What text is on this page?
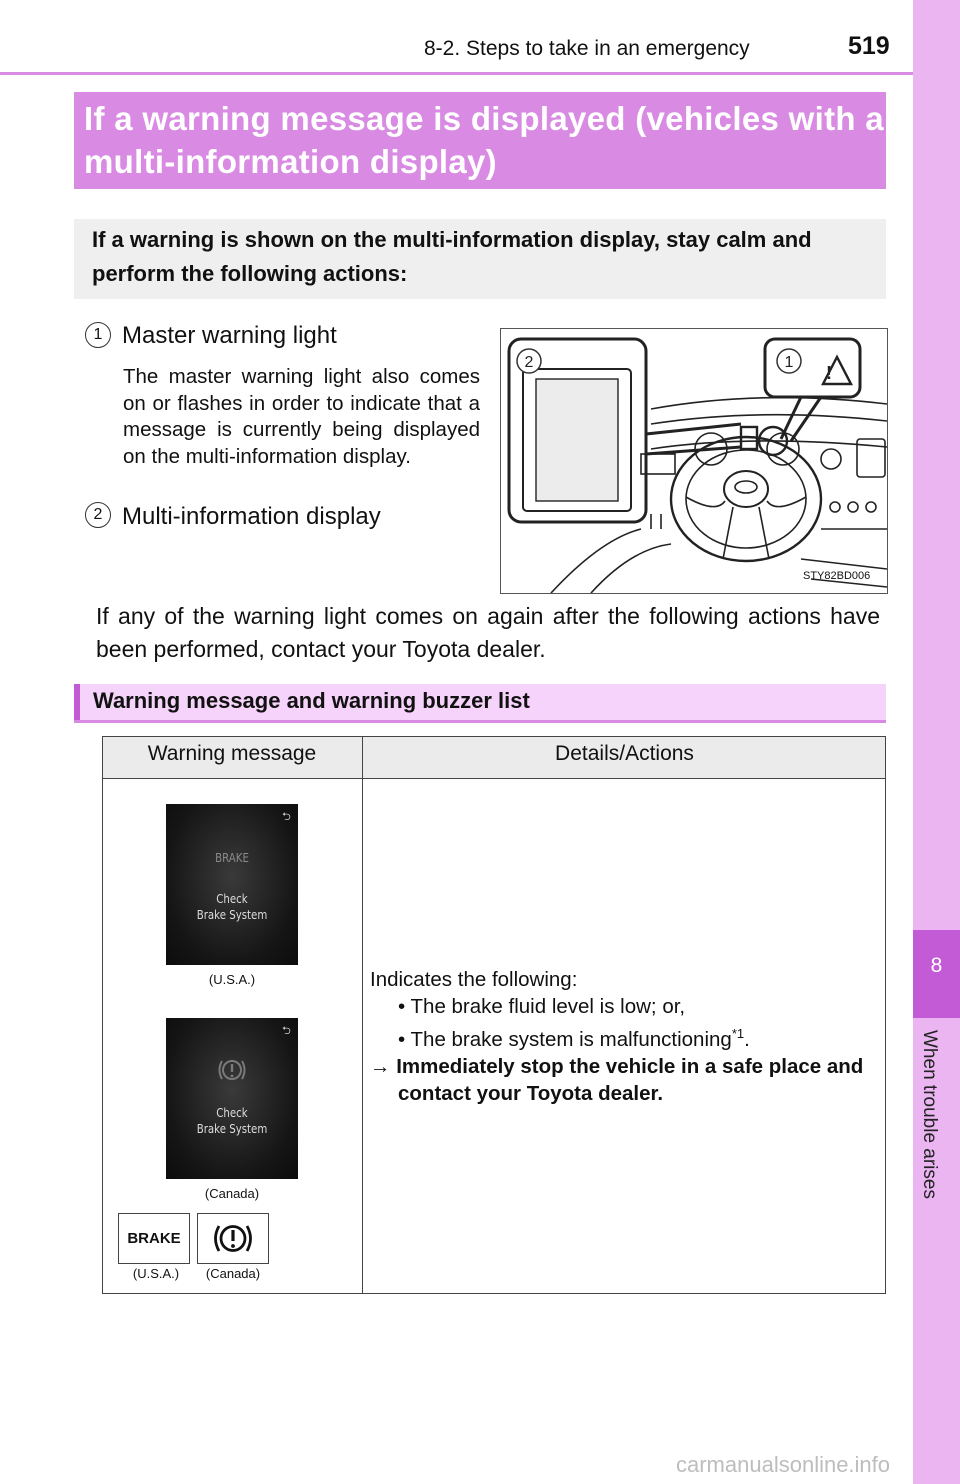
8-2. Steps to take in an emergency	519
8
When trouble arises
If a warning message is displayed (vehicles with a multi-information display)
If a warning is shown on the multi-information display, stay calm and perform the following actions:
1 Master warning light
The master warning light also comes on or flashes in order to indicate that a message is currently being displayed on the multi-information display.
2 Multi-information display
!
2	1
STY82BD006
If any of the warning light comes on again after the following actions have been performed, contact your Toyota dealer.
Warning message and warning buzzer list
Warning message	Details/Actions
⮌
BRAKE
Check
Brake System
(U.S.A.)
⮌
Check
Brake System
(Canada)
BRAKE
(U.S.A.)	(Canada)
Indicates the following:
• The brake fluid level is low; or,
• The brake system is malfunctioning$^{*1}$.
→ Immediately stop the vehicle in a safe place and contact your Toyota dealer.
carmanualsonline.info
